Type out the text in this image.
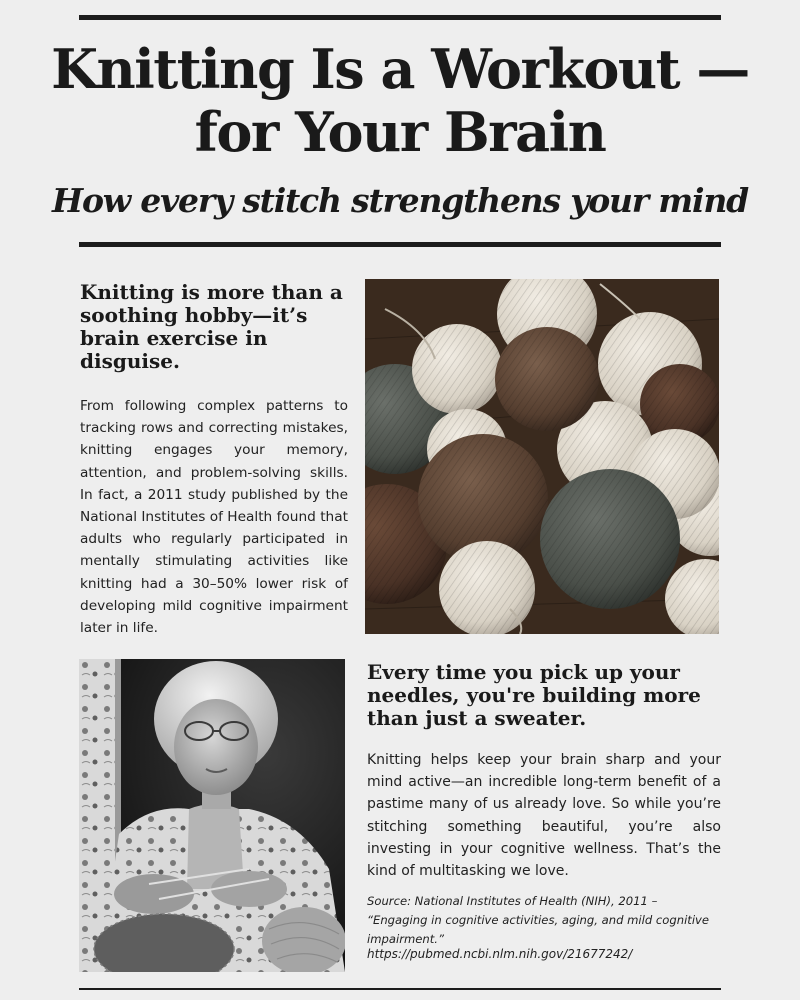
Knitting Is a Workout —for Your Brain
How every stitch strengthens your mind
Knitting is more than a soothing hobby—it’s brain exercise in disguise.

From following complex patterns to tracking rows and correcting mistakes, knitting engages your memory, attention, and problem-solving skills. In fact, a 2011 study published by the National Institutes of Health found that adults who regularly participated in mentally stimulating activities like knitting had a 30–50% lower risk of developing mild cognitive impairment later in life.

Every time you pick up your needles, you're building more than just a sweater.

Knitting helps keep your brain sharp and your mind active—an incredible long-term benefit of a pastime many of us already love. So while you’re stitching something beautiful, you’re also investing in your cognitive wellness. That’s the kind of multitasking we love.

Source: National Institutes of Health (NIH), 2011 – “Engaging in cognitive activities, aging, and mild cognitive impairment.”

https://pubmed.ncbi.nlm.nih.gov/21677242/
